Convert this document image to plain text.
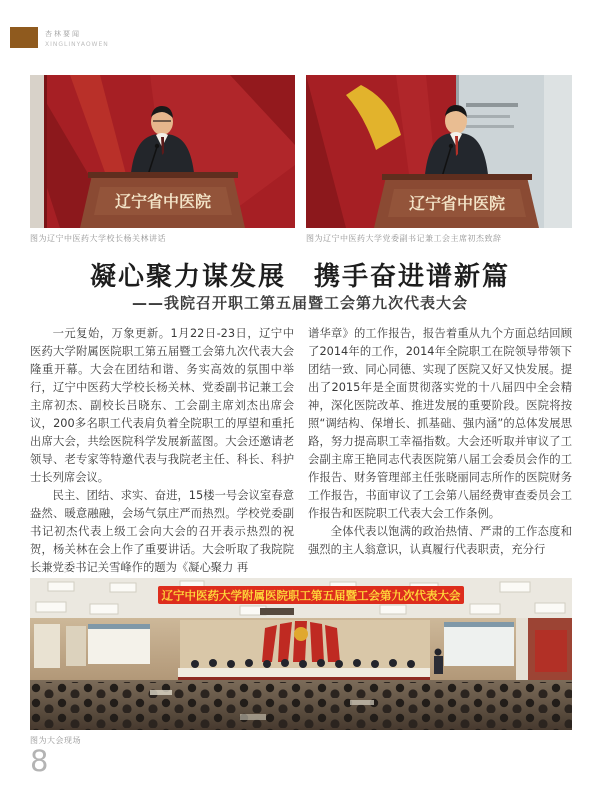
杏林要闻
XINGLINYAOWEN
辽宁省中医院	辽宁省中医院
图为辽宁中医药大学校长杨关林讲话	图为辽宁中医药大学党委副书记兼工会主席初杰致辞
凝心聚力谋发展　携手奋进谱新篇
——我院召开职工第五届暨工会第九次代表大会

一元复始，万象更新。1月22日-23日，辽宁中医药大学附属医院职工第五届暨工会第九次代表大会隆重开幕。大会在团结和谐、务实高效的氛围中举行，辽宁中医药大学校长杨关林、党委副书记兼工会主席初杰、副校长吕晓东、工会副主席刘杰出席会议，200多名职工代表肩负着全院职工的厚望和重托出席大会，共绘医院科学发展新蓝图。大会还邀请老领导、老专家等特邀代表与我院老主任、科长、科护士长列席会议。

民主、团结、求实、奋进，15楼一号会议室春意盎然、暖意融融，会场气氛庄严而热烈。学校党委副书记初杰代表上级工会向大会的召开表示热烈的祝贺，杨关林在会上作了重要讲话。大会听取了我院院长兼党委书记关雪峰作的题为《凝心聚力 再

谱华章》的工作报告，报告着重从九个方面总结回顾了2014年的工作，2014年全院职工在院领导带领下团结一致、同心同德、实现了医院又好又快发展。提出了2015年是全面贯彻落实党的十八届四中全会精神，深化医院改革、推进发展的重要阶段。医院将按照“调结构、保增长、抓基础、强内涵”的总体发展思路，努力提高职工幸福指数。大会还听取并审议了工会副主席王艳同志代表医院第八届工会委员会作的工作报告、财务管理部主任张晓丽同志所作的医院财务工作报告，书面审议了工会第八届经费审查委员会工作报告和医院职工代表大会工作条例。

全体代表以饱满的政治热情、严肃的工作态度和强烈的主人翁意识，认真履行代表职责，充分行

辽宁中医药大学附属医院职工第五届暨工会第九次代表大会
图为大会现场
8
